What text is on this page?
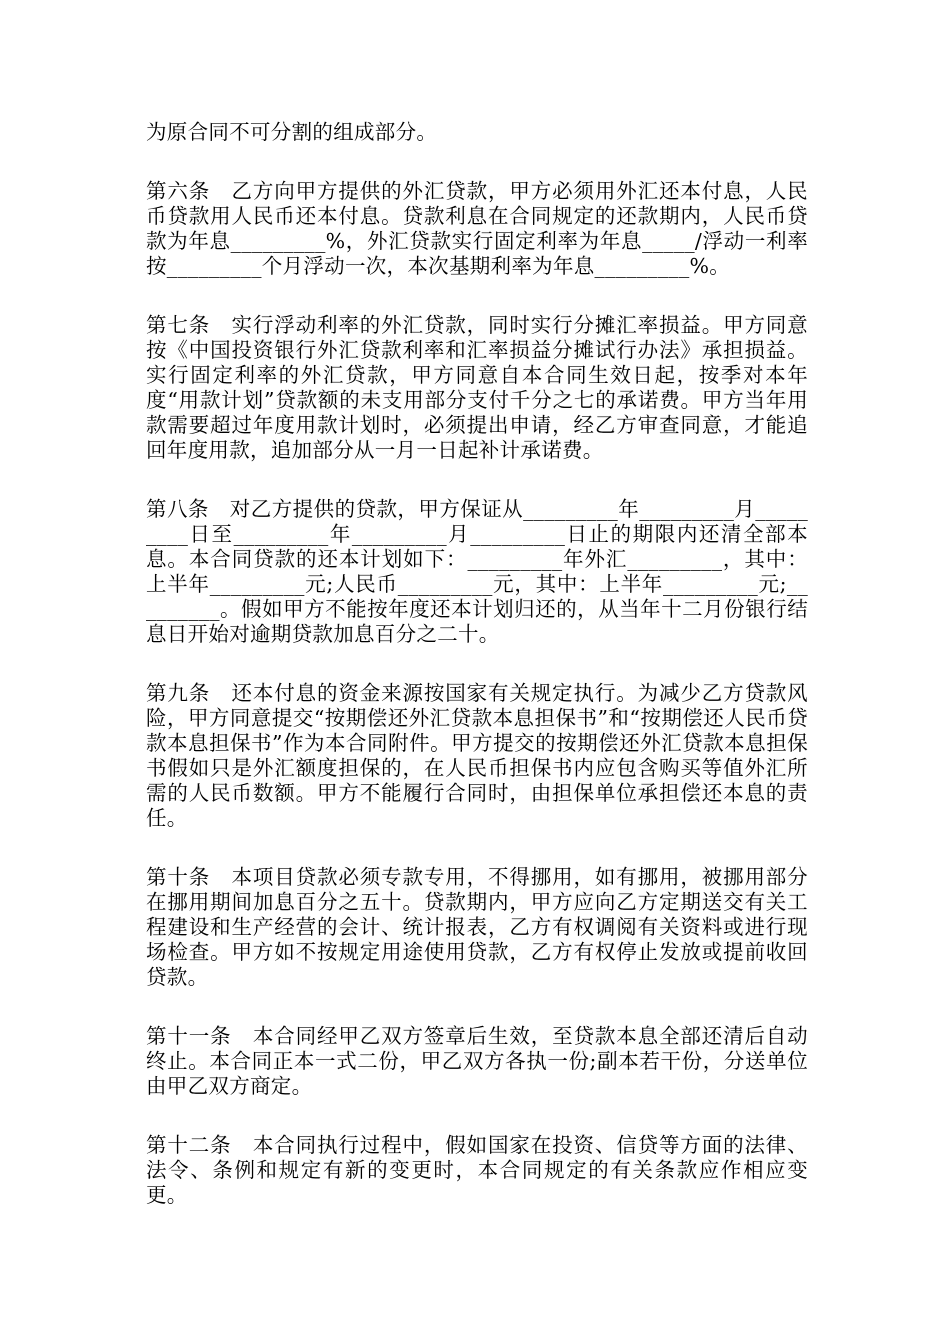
为原合同不可分割的组成部分。

第六条　乙方向甲方提供的外汇贷款，甲方必须用外汇还本付息，人民币贷款用人民币还本付息。贷款利息在合同规定的还款期内，人民币贷款为年息_________%，外汇贷款实行固定利率为年息_____/浮动一利率按_________个月浮动一次，本次基期利率为年息_________%。

第七条　实行浮动利率的外汇贷款，同时实行分摊汇率损益。甲方同意按《中国投资银行外汇贷款利率和汇率损益分摊试行办法》承担损益。实行固定利率的外汇贷款，甲方同意自本合同生效日起，按季对本年度“用款计划”贷款额的未支用部分支付千分之七的承诺费。甲方当年用款需要超过年度用款计划时，必须提出申请，经乙方审查同意，才能追回年度用款，追加部分从一月一日起补计承诺费。

第八条　对乙方提供的贷款，甲方保证从_________年_________月_________日至_________年_________月_________日止的期限内还清全部本息。本合同贷款的还本计划如下：_________年外汇_________，其中：上半年_________元;人民币_________元，其中：上半年_________元;_________。假如甲方不能按年度还本计划归还的，从当年十二月份银行结息日开始对逾期贷款加息百分之二十。

第九条　还本付息的资金来源按国家有关规定执行。为减少乙方贷款风险，甲方同意提交“按期偿还外汇贷款本息担保书”和“按期偿还人民币贷款本息担保书”作为本合同附件。甲方提交的按期偿还外汇贷款本息担保书假如只是外汇额度担保的，在人民币担保书内应包含购买等值外汇所需的人民币数额。甲方不能履行合同时，由担保单位承担偿还本息的责任。

第十条　本项目贷款必须专款专用，不得挪用，如有挪用，被挪用部分在挪用期间加息百分之五十。贷款期内，甲方应向乙方定期送交有关工程建设和生产经营的会计、统计报表，乙方有权调阅有关资料或进行现场检查。甲方如不按规定用途使用贷款，乙方有权停止发放或提前收回贷款。

第十一条　本合同经甲乙双方签章后生效，至贷款本息全部还清后自动终止。本合同正本一式二份，甲乙双方各执一份;副本若干份，分送单位由甲乙双方商定。

第十二条　本合同执行过程中，假如国家在投资、信贷等方面的法律、法令、条例和规定有新的变更时，本合同规定的有关条款应作相应变更。
